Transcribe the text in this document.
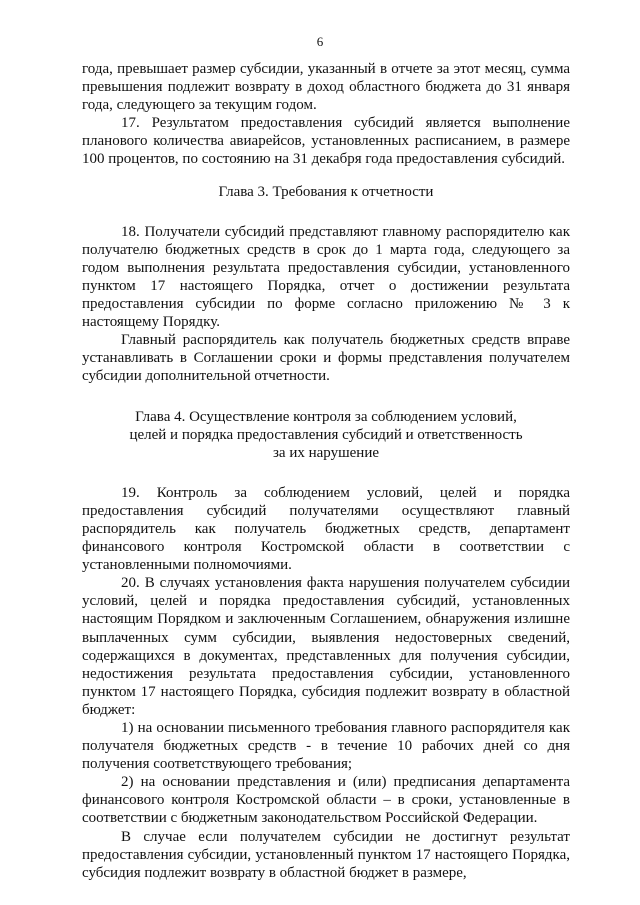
6

года, превышает размер субсидии, указанный в отчете за этот месяц, сумма превышения подлежит возврату в доход областного бюджета до 31 января года, следующего за текущим годом.

17. Результатом предоставления субсидий является выполнение планового количества авиарейсов, установленных расписанием, в размере 100 процентов, по состоянию на 31 декабря года предоставления субсидий.

Глава 3. Требования к отчетности

18. Получатели субсидий представляют главному распорядителю как получателю бюджетных средств в срок до 1 марта года, следующего за годом выполнения результата предоставления субсидии, установленного пунктом 17 настоящего Порядка, отчет о достижении результата предоставления субсидии по форме согласно приложению № 3 к настоящему Порядку.

Главный распорядитель как получатель бюджетных средств вправе устанавливать в Соглашении сроки и формы представления получателем субсидии дополнительной отчетности.

Глава 4. Осуществление контроля за соблюдением условий,
целей и порядка предоставления субсидий и ответственность
за их нарушение

19. Контроль за соблюдением условий, целей и порядка предоставления субсидий получателями осуществляют главный распорядитель как получатель бюджетных средств, департамент финансового контроля Костромской области в соответствии с установленными полномочиями.

20. В случаях установления факта нарушения получателем субсидии условий, целей и порядка предоставления субсидий, установленных настоящим Порядком и заключенным Соглашением, обнаружения излишне выплаченных сумм субсидии, выявления недостоверных сведений, содержащихся в документах, представленных для получения субсидии, недостижения результата предоставления субсидии, установленного пунктом 17 настоящего Порядка, субсидия подлежит возврату в областной бюджет:

1) на основании письменного требования главного распорядителя как получателя бюджетных средств - в течение 10 рабочих дней со дня получения соответствующего требования;

2) на основании представления и (или) предписания департамента финансового контроля Костромской области – в сроки, установленные в соответствии с бюджетным законодательством Российской Федерации.

В случае если получателем субсидии не достигнут результат предоставления субсидии, установленный пунктом 17 настоящего Порядка, субсидия подлежит возврату в областной бюджет в размере,
